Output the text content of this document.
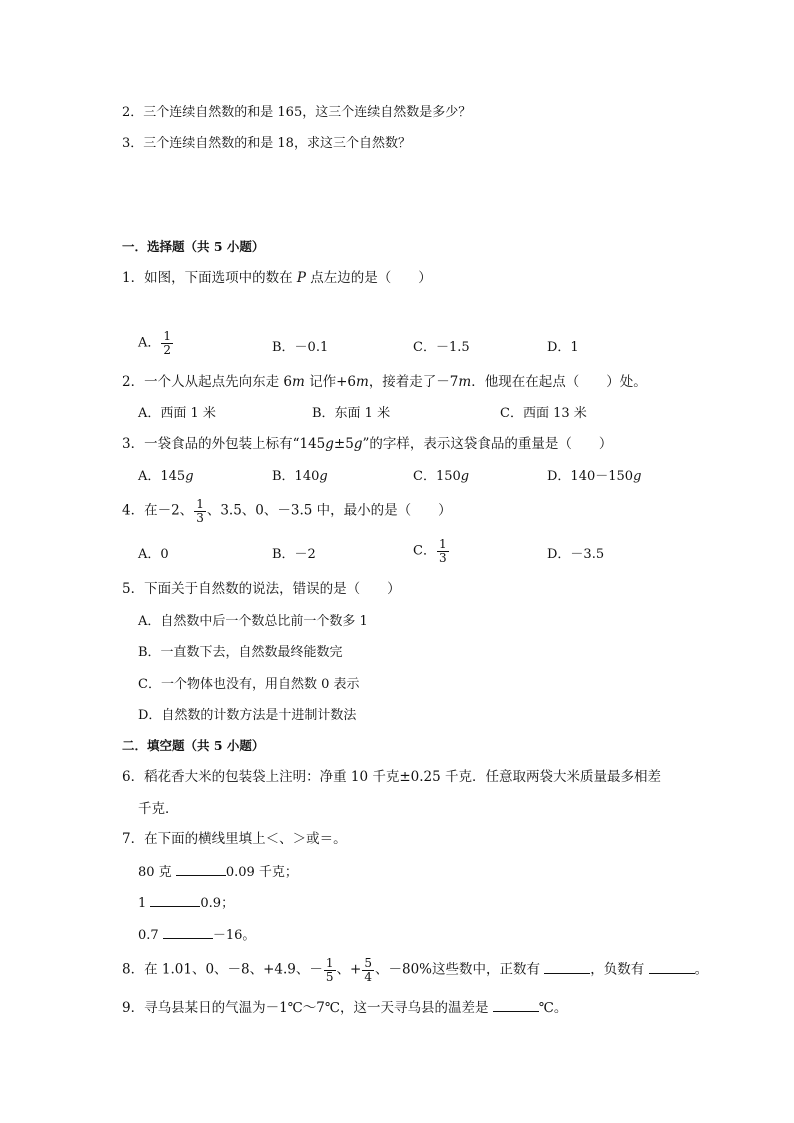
2．三个连续自然数的和是 165，这三个连续自然数是多少？
3．三个连续自然数的和是 18，求这三个自然数？
一．选择题（共 5 小题）
1．如图，下面选项中的数在 P 点左边的是（　　）
A． $\frac{1}{2}$	B．－0.1	C．－1.5	D．1
2．一个人从起点先向东走 6m 记作+6m，接着走了－7m．他现在在起点（　　）处。
A．西面 1 米	B．东面 1 米	C．西面 13 米
3．一袋食品的外包装上标有“145g±5g”的字样，表示这袋食品的重量是（　　）
A．145g	B．140g	C．150g	D．140－150g
4．在－2、 $\frac{1}{3}$ 、3.5、0、－3.5 中，最小的是（　　）
A．0	B．－2	C． $\frac{1}{3}$	D．－3.5
5．下面关于自然数的说法，错误的是（　　）
A．自然数中后一个数总比前一个数多 1
B．一直数下去，自然数最终能数完
C．一个物体也没有，用自然数 0 表示
D．自然数的计数方法是十进制计数法
二．填空题（共 5 小题）
6．稻花香大米的包装袋上注明：净重 10 千克±0.25 千克．任意取两袋大米质量最多相差
千克．
7．在下面的横线里填上＜、＞或＝。
80 克	0.09 千克；
1	0.9；
0.7	－16。
8．在 1.01、0、－8、+4.9、－ $\frac{1}{5}$ 、+ $\frac{5}{4}$ 、－80%这些数中，正数有	，负数有	。
9．寻乌县某日的气温为－1℃～7℃，这一天寻乌县的温差是	℃。
